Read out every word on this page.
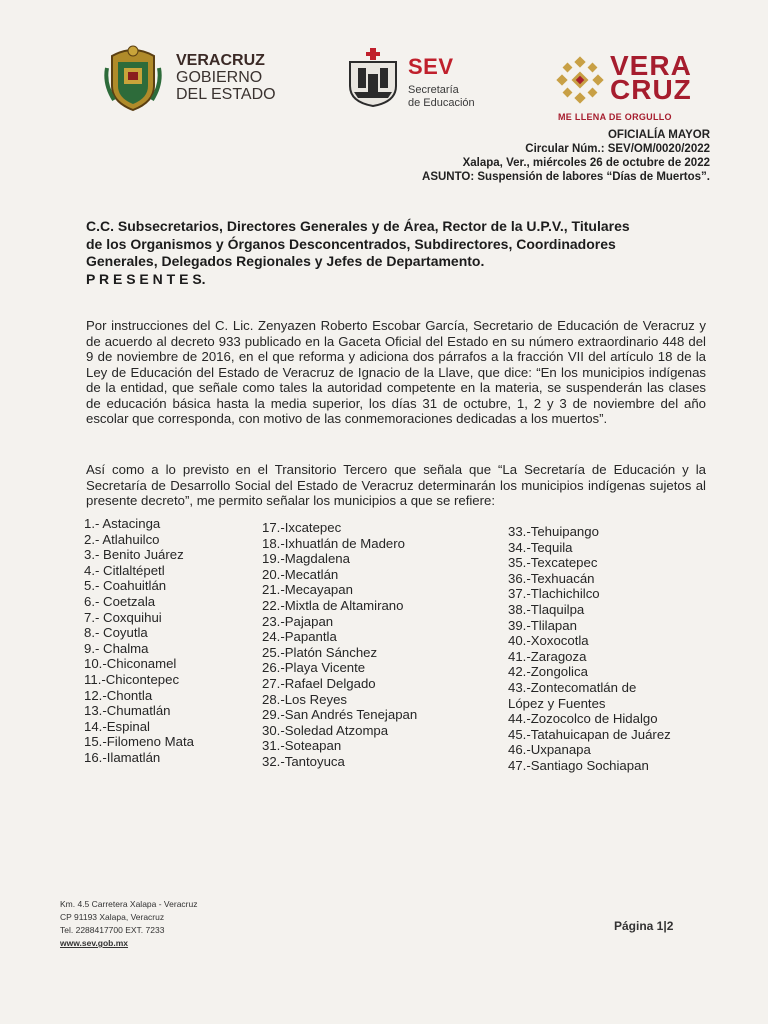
VERACRUZ
GOBIERNO
DEL ESTADO
SEV
Secretaría
de Educación
VERA
CRUZ
ME LLENA DE ORGULLO
OFICIALÍA MAYOR
Circular Núm.: SEV/OM/0020/2022
Xalapa, Ver., miércoles 26 de octubre de 2022
ASUNTO: Suspensión de labores “Días de Muertos”.
C.C. Subsecretarios, Directores Generales y de Área, Rector de la U.P.V., Titulares de los Organismos y Órganos Desconcentrados, Subdirectores, Coordinadores Generales, Delegados Regionales y Jefes de Departamento.
P R E S E N T E S.
Por instrucciones del C. Lic. Zenyazen Roberto Escobar García, Secretario de Educación de Veracruz y de acuerdo al decreto 933 publicado en la Gaceta Oficial del Estado en su número extraordinario 448 del 9 de noviembre de 2016, en el que reforma y adiciona dos párrafos a la fracción VII del artículo 18 de la Ley de Educación del Estado de Veracruz de Ignacio de la Llave, que dice: “En los municipios indígenas de la entidad, que señale como tales la autoridad competente en la materia, se suspenderán las clases de educación básica hasta la media superior, los días 31 de octubre, 1, 2 y 3 de noviembre del año escolar que corresponda, con motivo de las conmemoraciones dedicadas a los muertos”.
Así como a lo previsto en el Transitorio Tercero que señala que “La Secretaría de Educación y la Secretaría de Desarrollo Social del Estado de Veracruz determinarán los municipios indígenas sujetos al presente decreto”, me permito señalar los municipios a que se refiere:
1.- Astacinga
2.- Atlahuilco
3.- Benito Juárez
4.- Citlaltépetl
5.- Coahuitlán
6.- Coetzala
7.- Coxquihui
8.- Coyutla
9.- Chalma
10.-Chiconamel
11.-Chicontepec
12.-Chontla
13.-Chumatlán
14.-Espinal
15.-Filomeno Mata
16.-Ilamatlán
17.-Ixcatepec
18.-Ixhuatlán de Madero
19.-Magdalena
20.-Mecatlán
21.-Mecayapan
22.-Mixtla de Altamirano
23.-Pajapan
24.-Papantla
25.-Platón Sánchez
26.-Playa Vicente
27.-Rafael Delgado
28.-Los Reyes
29.-San Andrés Tenejapan
30.-Soledad Atzompa
31.-Soteapan
32.-Tantoyuca
33.-Tehuipango
34.-Tequila
35.-Texcatepec
36.-Texhuacán
37.-Tlachichilco
38.-Tlaquilpa
39.-Tlilapan
40.-Xoxocotla
41.-Zaragoza
42.-Zongolica
43.-Zontecomatlán de
López y Fuentes
44.-Zozocolco de Hidalgo
45.-Tatahuicapan de Juárez
46.-Uxpanapa
47.-Santiago Sochiapan
Km. 4.5 Carretera Xalapa - Veracruz
CP 91193 Xalapa, Veracruz
Tel. 2288417700 EXT. 7233
www.sev.gob.mx
Página 1|2
